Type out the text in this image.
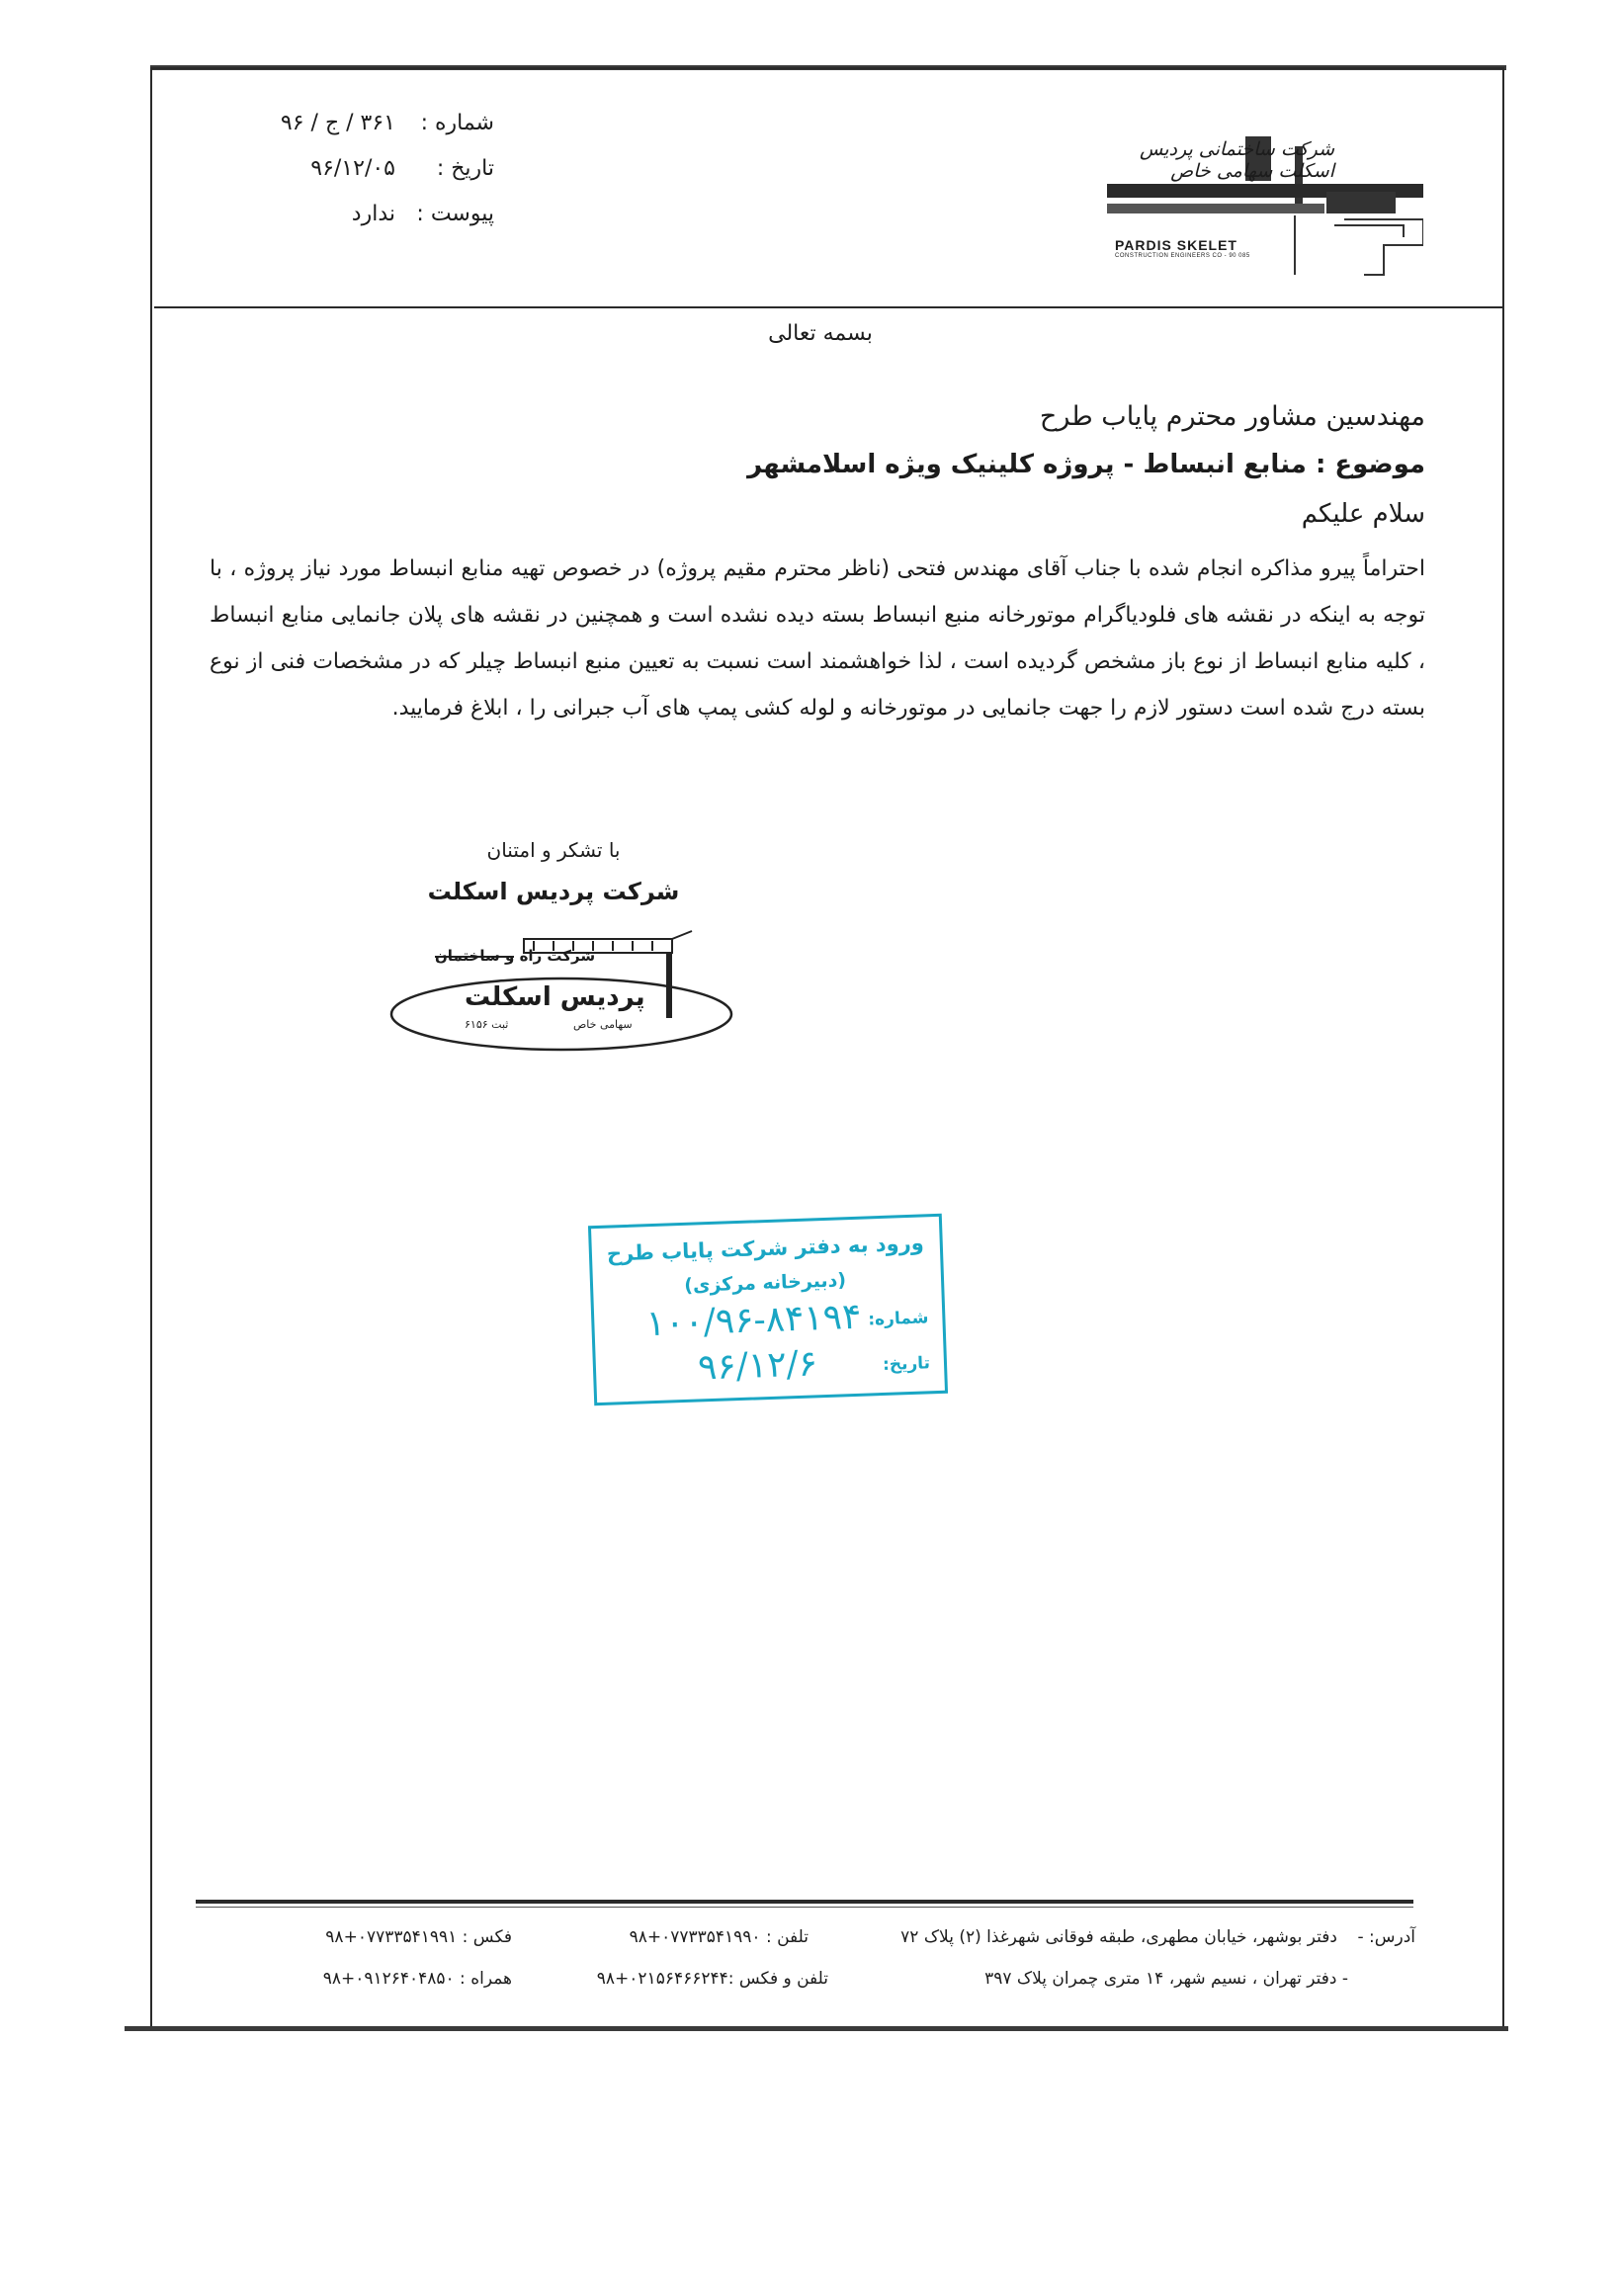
شرکت ساختمانی پردیس اسکلت سهامی خاص
PARDIS SKELET
CONSTRUCTION ENGINEERS CO - 90 085
شماره :۳۶۱ / ج / ۹۶
تاریخ :۹۶/۱۲/۰۵
پیوست :ندارد
بسمه تعالی
مهندسین مشاور محترم پایاب طرح
موضوع : منابع انبساط - پروژه کلینیک ویژه اسلامشهر
سلام علیکم
احتراماً پیرو مذاکره انجام شده با جناب آقای مهندس فتحی (ناظر محترم مقیم پروژه) در خصوص تهیه منابع انبساط مورد نیاز پروژه ، با توجه به اینکه در نقشه های فلودیاگرام موتورخانه منبع انبساط بسته دیده نشده است و همچنین در نقشه های پلان جانمایی منابع انبساط ، کلیه منابع انبساط از نوع باز مشخص گردیده است ، لذا خواهشمند است نسبت به تعیین منبع انبساط چیلر که در مشخصات فنی از نوع بسته درج شده است دستور لازم را جهت جانمایی در موتورخانه و لوله کشی پمپ های آب جبرانی را ، ابلاغ فرمایید.
با تشکر و امتنان
شرکت پردیس اسکلت
شرکت راه و ساختمان
پردیس اسکلت
سهامی خاص
ثبت ۶۱۵۶
ورود به دفتر شرکت پایاب طرح
(دبیرخانه مرکزی)
شماره:
۱۰۰/۹۶-۸۴۱۹۴
تاریخ:
۹۶/۱۲/۶
آدرس: -
دفتر بوشهر، خیابان مطهری، طبقه فوقانی شهرغذا (۲) پلاک ۷۲
تلفن : ۰۷۷۳۳۵۴۱۹۹۰+۹۸
فکس : ۰۷۷۳۳۵۴۱۹۹۱+۹۸
- دفتر تهران ، نسیم شهر، ۱۴ متری چمران پلاک ۳۹۷
تلفن و فکس :۰۲۱۵۶۴۶۶۲۴۴+۹۸
همراه : ۰۹۱۲۶۴۰۴۸۵۰+۹۸
